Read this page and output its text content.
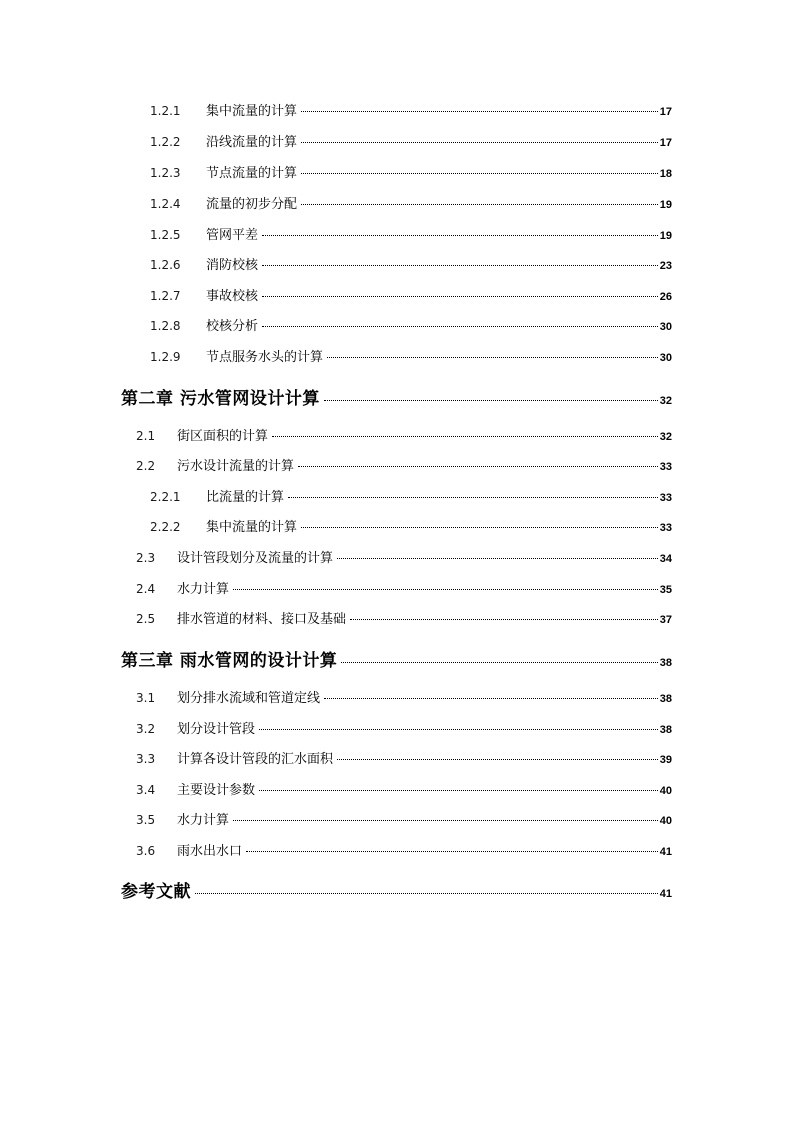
1.2.1	集中流量的计算	17
1.2.2	沿线流量的计算	17
1.2.3	节点流量的计算	18
1.2.4	流量的初步分配	19
1.2.5	管网平差	19
1.2.6	消防校核	23
1.2.7	事故校核	26
1.2.8	校核分析	30
1.2.9	节点服务水头的计算	30
第二章 污水管网设计计算	32
2.1	街区面积的计算	32
2.2	污水设计流量的计算	33
2.2.1	比流量的计算	33
2.2.2	集中流量的计算	33
2.3	设计管段划分及流量的计算	34
2.4	水力计算	35
2.5	排水管道的材料、接口及基础	37
第三章 雨水管网的设计计算	38
3.1	划分排水流域和管道定线	38
3.2	划分设计管段	38
3.3	计算各设计管段的汇水面积	39
3.4	主要设计参数	40
3.5	水力计算	40
3.6	雨水出水口	41
参考文献	41
